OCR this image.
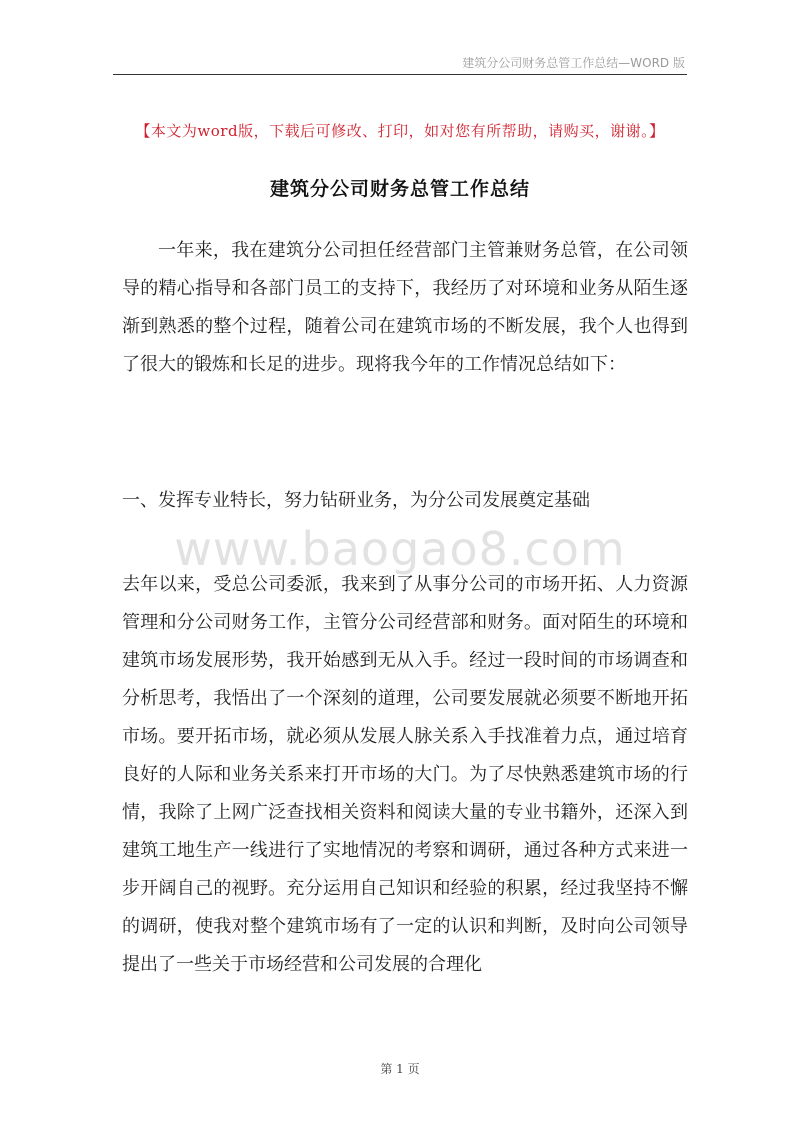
建筑分公司财务总管工作总结—WORD 版
【本文为word版，下载后可修改、打印，如对您有所帮助，请购买，谢谢。】
建筑分公司财务总管工作总结
一年来，我在建筑分公司担任经营部门主管兼财务总管，在公司领导的精心指导和各部门员工的支持下，我经历了对环境和业务从陌生逐渐到熟悉的整个过程，随着公司在建筑市场的不断发展，我个人也得到了很大的锻炼和长足的进步。现将我今年的工作情况总结如下：
一、发挥专业特长，努力钻研业务，为分公司发展奠定基础
www.baogao8.com
去年以来，受总公司委派，我来到了从事分公司的市场开拓、人力资源管理和分公司财务工作，主管分公司经营部和财务。面对陌生的环境和建筑市场发展形势，我开始感到无从入手。经过一段时间的市场调查和分析思考，我悟出了一个深刻的道理，公司要发展就必须要不断地开拓市场。要开拓市场，就必须从发展人脉关系入手找准着力点，通过培育良好的人际和业务关系来打开市场的大门。为了尽快熟悉建筑市场的行情，我除了上网广泛查找相关资料和阅读大量的专业书籍外，还深入到建筑工地生产一线进行了实地情况的考察和调研，通过各种方式来进一步开阔自己的视野。充分运用自己知识和经验的积累，经过我坚持不懈的调研，使我对整个建筑市场有了一定的认识和判断，及时向公司领导提出了一些关于市场经营和公司发展的合理化
第 1 页
